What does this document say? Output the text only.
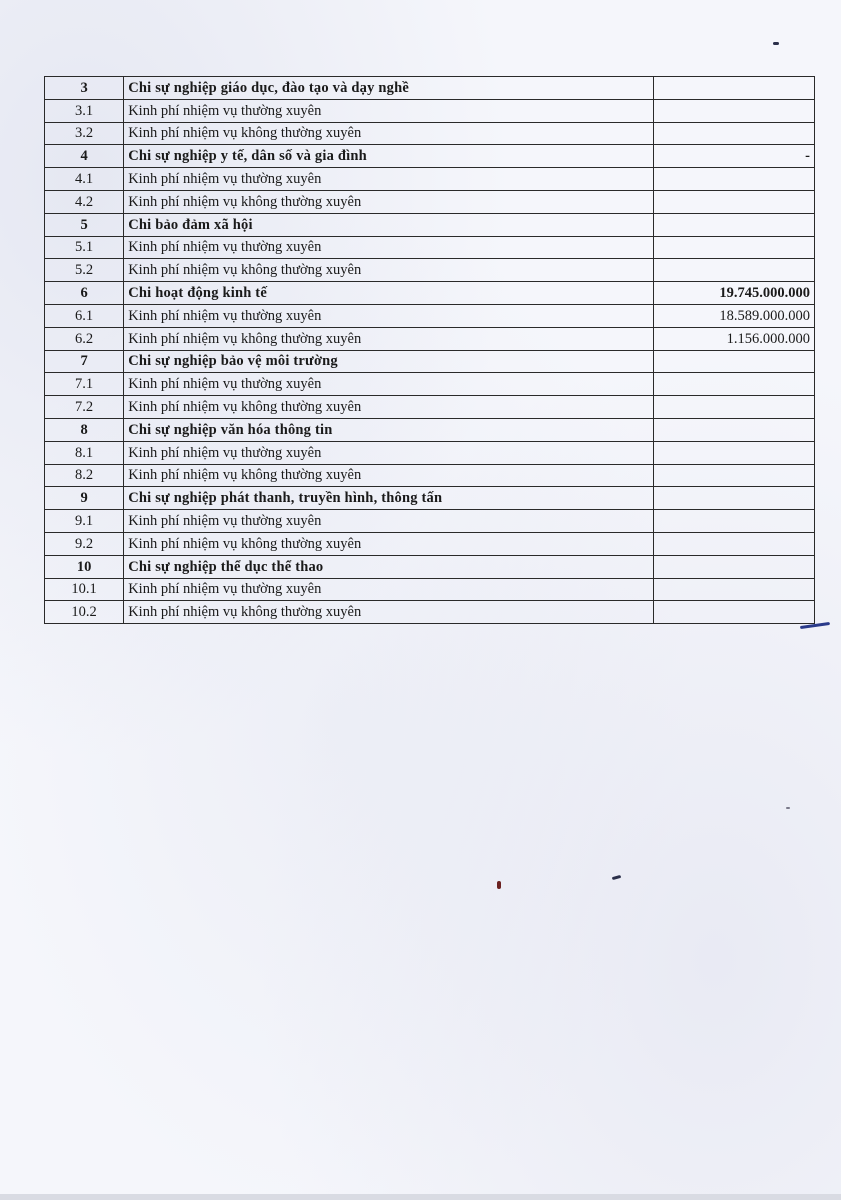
3	Chi sự nghiệp giáo dục, đào tạo và dạy nghề	
3.1	Kinh phí nhiệm vụ thường xuyên	
3.2	Kinh phí nhiệm vụ không thường xuyên	
4	Chi sự nghiệp y tế, dân số và gia đình	-
4.1	Kinh phí nhiệm vụ thường xuyên	
4.2	Kinh phí nhiệm vụ không thường xuyên	
5	Chi bảo đảm xã hội	
5.1	Kinh phí nhiệm vụ thường xuyên	
5.2	Kinh phí nhiệm vụ không thường xuyên	
6	Chi hoạt động kinh tế	19.745.000.000
6.1	Kinh phí nhiệm vụ thường xuyên	18.589.000.000
6.2	Kinh phí nhiệm vụ không thường xuyên	1.156.000.000
7	Chi sự nghiệp bảo vệ môi trường	
7.1	Kinh phí nhiệm vụ thường xuyên	
7.2	Kinh phí nhiệm vụ không thường xuyên	
8	Chi sự nghiệp văn hóa thông tin	
8.1	Kinh phí nhiệm vụ thường xuyên	
8.2	Kinh phí nhiệm vụ không thường xuyên	
9	Chi sự nghiệp phát thanh, truyền hình, thông tấn	
9.1	Kinh phí nhiệm vụ thường xuyên	
9.2	Kinh phí nhiệm vụ không thường xuyên	
10	Chi sự nghiệp thể dục thể thao	
10.1	Kinh phí nhiệm vụ thường xuyên	
10.2	Kinh phí nhiệm vụ không thường xuyên	
